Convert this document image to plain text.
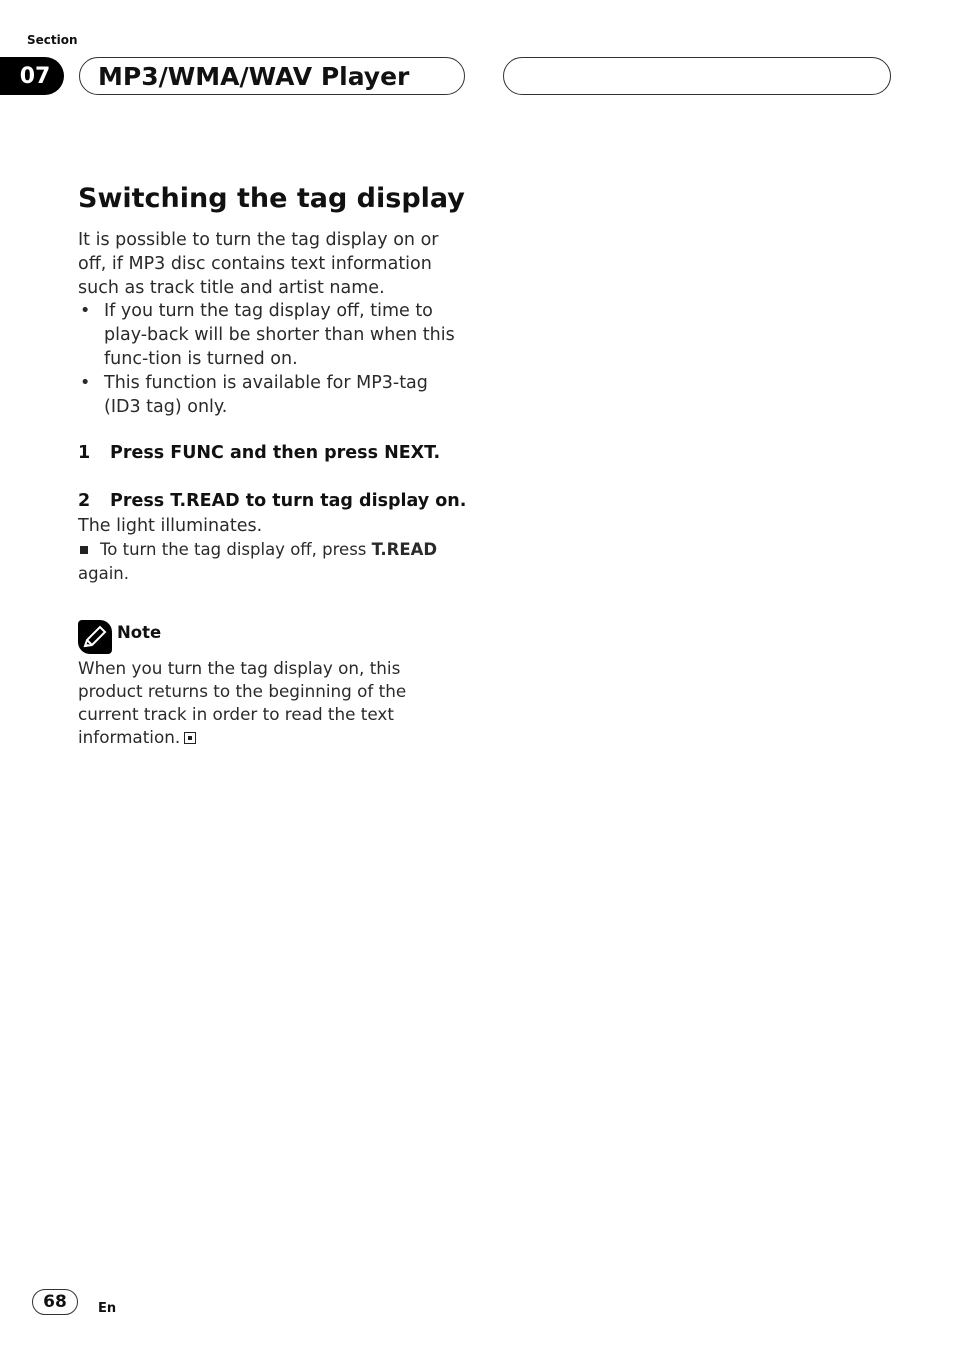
Section
07	MP3/WMA/WAV Player
Switching the tag display

It is possible to turn the tag display on or off, if MP3 disc contains text information such as track title and artist name.

• If you turn the tag display off, time to play-back will be shorter than when this func-tion is turned on.
• This function is available for MP3-tag (ID3 tag) only.
1 Press FUNC and then press NEXT.
2 Press T.READ to turn tag display on.

The light illuminates.

To turn the tag display off, press T.READ again.

Note

When you turn the tag display on, this product returns to the beginning of the current track in order to read the text information.

68	En
